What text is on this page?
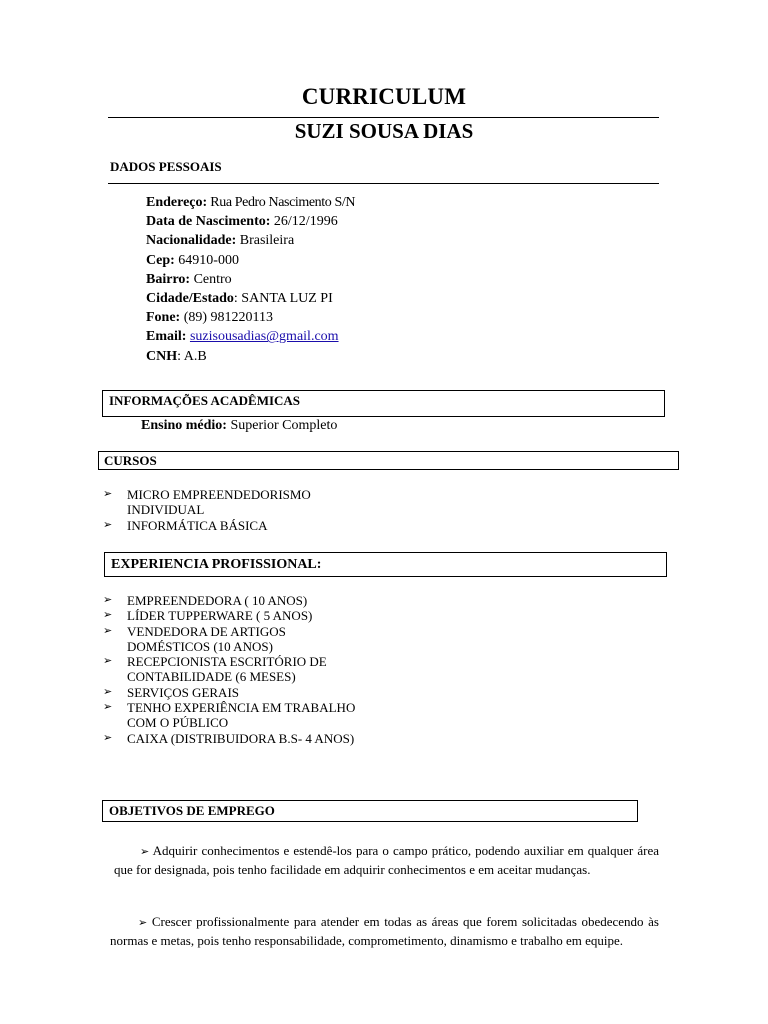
CURRICULUM
SUZI SOUSA DIAS
DADOS PESSOAIS
Endereço: Rua Pedro Nascimento S/N
Data de Nascimento: 26/12/1996
Nacionalidade: Brasileira
Cep: 64910-000
Bairro: Centro
Cidade/Estado: SANTA LUZ PI
Fone: (89) 981220113
Email: suzisousadias@gmail.com
CNH: A.B
INFORMAÇÕES ACADÊMICAS
Ensino médio: Superior Completo
CURSOS
➢ MICRO EMPREENDEDORISMO INDIVIDUAL
➢ INFORMÁTICA BÁSICA
EXPERIENCIA PROFISSIONAL:
➢ EMPREENDEDORA ( 10 ANOS)
➢ LÍDER TUPPERWARE ( 5 ANOS)
➢ VENDEDORA DE ARTIGOS DOMÉSTICOS (10 ANOS)
➢ RECEPCIONISTA ESCRITÓRIO DE CONTABILIDADE (6 MESES)
➢ SERVIÇOS GERAIS
➢ TENHO EXPERIÊNCIA EM TRABALHO COM O PÚBLICO
➢ CAIXA (DISTRIBUIDORA B.S- 4 ANOS)
OBJETIVOS DE EMPREGO
➢ Adquirir conhecimentos e estendê-los para o campo prático, podendo auxiliar em qualquer área que for designada, pois tenho facilidade em adquirir conhecimentos e em aceitar mudanças.
➢ Crescer profissionalmente para atender em todas as áreas que forem solicitadas obedecendo às normas e metas, pois tenho responsabilidade, comprometimento, dinamismo e trabalho em equipe.
